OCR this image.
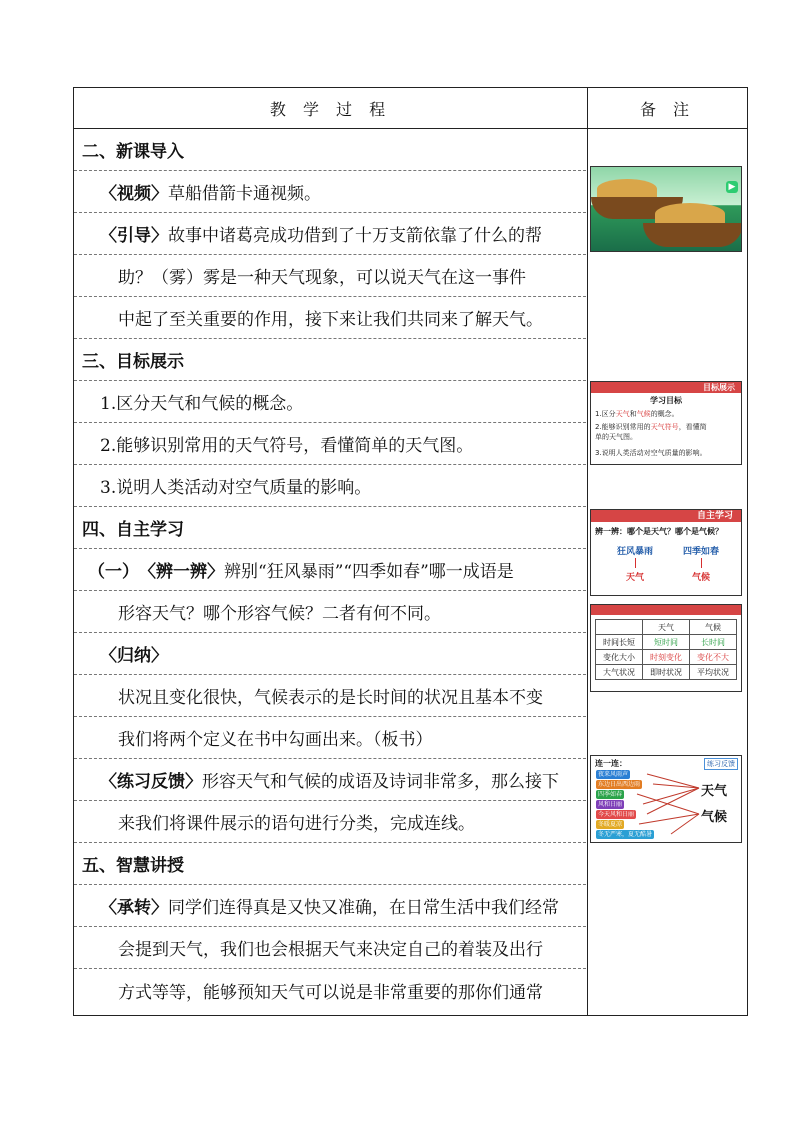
教 学 过 程	备 注
二、新课导入
〈视频〉 草船借箭卡通视频。
〈引导〉 故事中诸葛亮成功借到了十万支箭依靠了什么的帮
助？（雾）雾是一种天气现象，可以说天气在这一事件
中起了至关重要的作用，接下来让我们共同来了解天气。
三、目标展示
1.区分天气和气候的概念。
2.能够识别常用的天气符号，看懂简单的天气图。
3.说明人类活动对空气质量的影响。
四、自主学习
（一） 〈辨一辨〉 辨别“狂风暴雨”“四季如春”哪一成语是
形容天气？哪个形容气候？二者有何不同。
〈归纳〉
状况且变化很快，气候表示的是长时间的状况且基本不变
我们将两个定义在书中勾画出来。（板书）
〈练习反馈〉 形容天气和气候的成语及诗词非常多，那么接下
来我们将课件展示的语句进行分类，完成连线。
五、智慧讲授
〈承转〉 同学们连得真是又快又准确，在日常生活中我们经常
会提到天气，我们也会根据天气来决定自己的着装及出行
方式等等，能够预知天气可以说是非常重要的那你们通常
▶
目标展示
学习目标
1.区分天气和气候的概念。
2.能够识别常用的天气符号，看懂简
单的天气图。
3.说明人类活动对空气质量的影响。
自主学习
辨一辨：哪个是天气？哪个是气候？
狂风暴雨	四季如春
天气	气候
	天气	气候
时间长短	短时间	长时间
变化大小	时刻变化	变化不大
大气状况	即时状况	平均状况
连一连：	练习反馈
夜来风雨声
东边日出西边雨
四季如春
风和日丽
今天风和日丽
冬暖夏凉
冬无严寒，夏无酷暑
天气
气候
